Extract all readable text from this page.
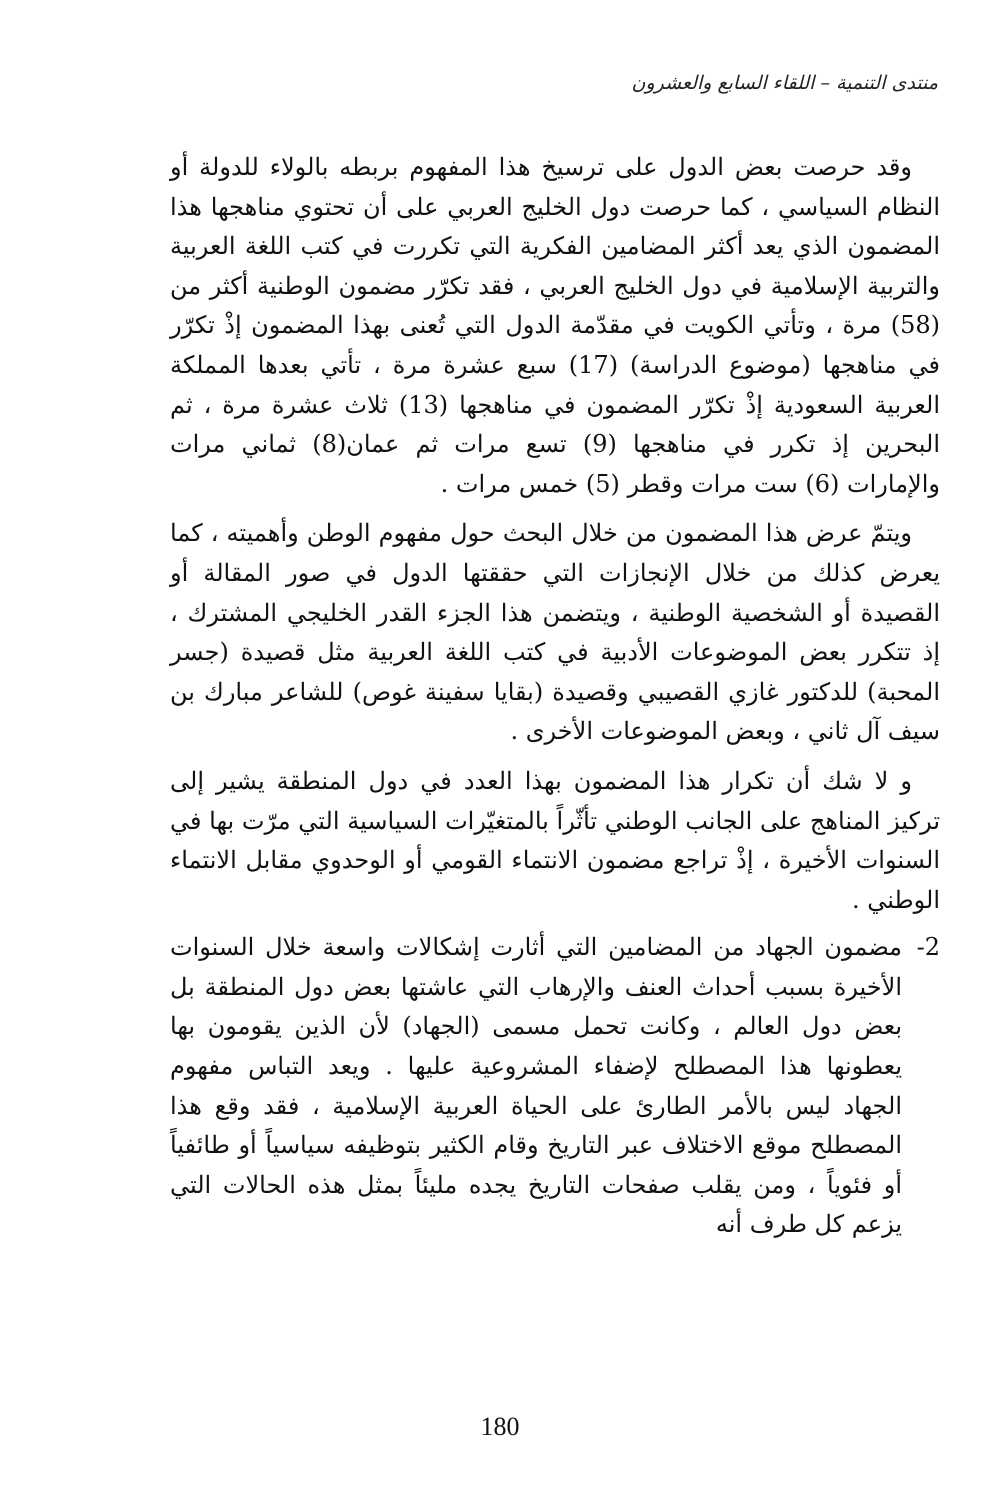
منتدى التنمية – اللقاء السابع والعشرون

وقد حرصت بعض الدول على ترسيخ هذا المفهوم بربطه بالولاء للدولة أو النظام السياسي ، كما حرصت دول الخليج العربي على أن تحتوي مناهجها هذا المضمون الذي يعد أكثر المضامين الفكرية التي تكررت في كتب اللغة العربية والتربية الإسلامية في دول الخليج العربي ، فقد تكرّر مضمون الوطنية أكثر من (58) مرة ، وتأتي الكويت في مقدّمة الدول التي تُعنى بهذا المضمون إذْ تكرّر في مناهجها (موضوع الدراسة) (17) سبع عشرة مرة ، تأتي بعدها المملكة العربية السعودية إذْ تكرّر المضمون في مناهجها (13) ثلاث عشرة مرة ، ثم البحرين إذ تكرر في مناهجها (9) تسع مرات ثم عمان(8) ثماني مرات والإمارات (6) ست مرات وقطر (5) خمس مرات .

ويتمّ عرض هذا المضمون من خلال البحث حول مفهوم الوطن وأهميته ، كما يعرض كذلك من خلال الإنجازات التي حققتها الدول في صور المقالة أو القصيدة أو الشخصية الوطنية ، ويتضمن هذا الجزء القدر الخليجي المشترك ، إذ تتكرر بعض الموضوعات الأدبية في كتب اللغة العربية مثل قصيدة (جسر المحبة) للدكتور غازي القصيبي وقصيدة (بقايا سفينة غوص) للشاعر مبارك بن سيف آل ثاني ، وبعض الموضوعات الأخرى .

و لا شك أن تكرار هذا المضمون بهذا العدد في دول المنطقة يشير إلى تركيز المناهج على الجانب الوطني تأثّراً بالمتغيّرات السياسية التي مرّت بها في السنوات الأخيرة ، إذْ تراجع مضمون الانتماء القومي أو الوحدوي مقابل الانتماء الوطني .

2-
مضمون الجهاد من المضامين التي أثارت إشكالات واسعة خلال السنوات الأخيرة بسبب أحداث العنف والإرهاب التي عاشتها بعض دول المنطقة بل بعض دول العالم ، وكانت تحمل مسمى (الجهاد) لأن الذين يقومون بها يعطونها هذا المصطلح لإضفاء المشروعية عليها . ويعد التباس مفهوم الجهاد ليس بالأمر الطارئ على الحياة العربية الإسلامية ، فقد وقع هذا المصطلح موقع الاختلاف عبر التاريخ وقام الكثير بتوظيفه سياسياً أو طائفياً أو فئوياً ، ومن يقلب صفحات التاريخ يجده مليئاً بمثل هذه الحالات التي يزعم كل طرف أنه
180
